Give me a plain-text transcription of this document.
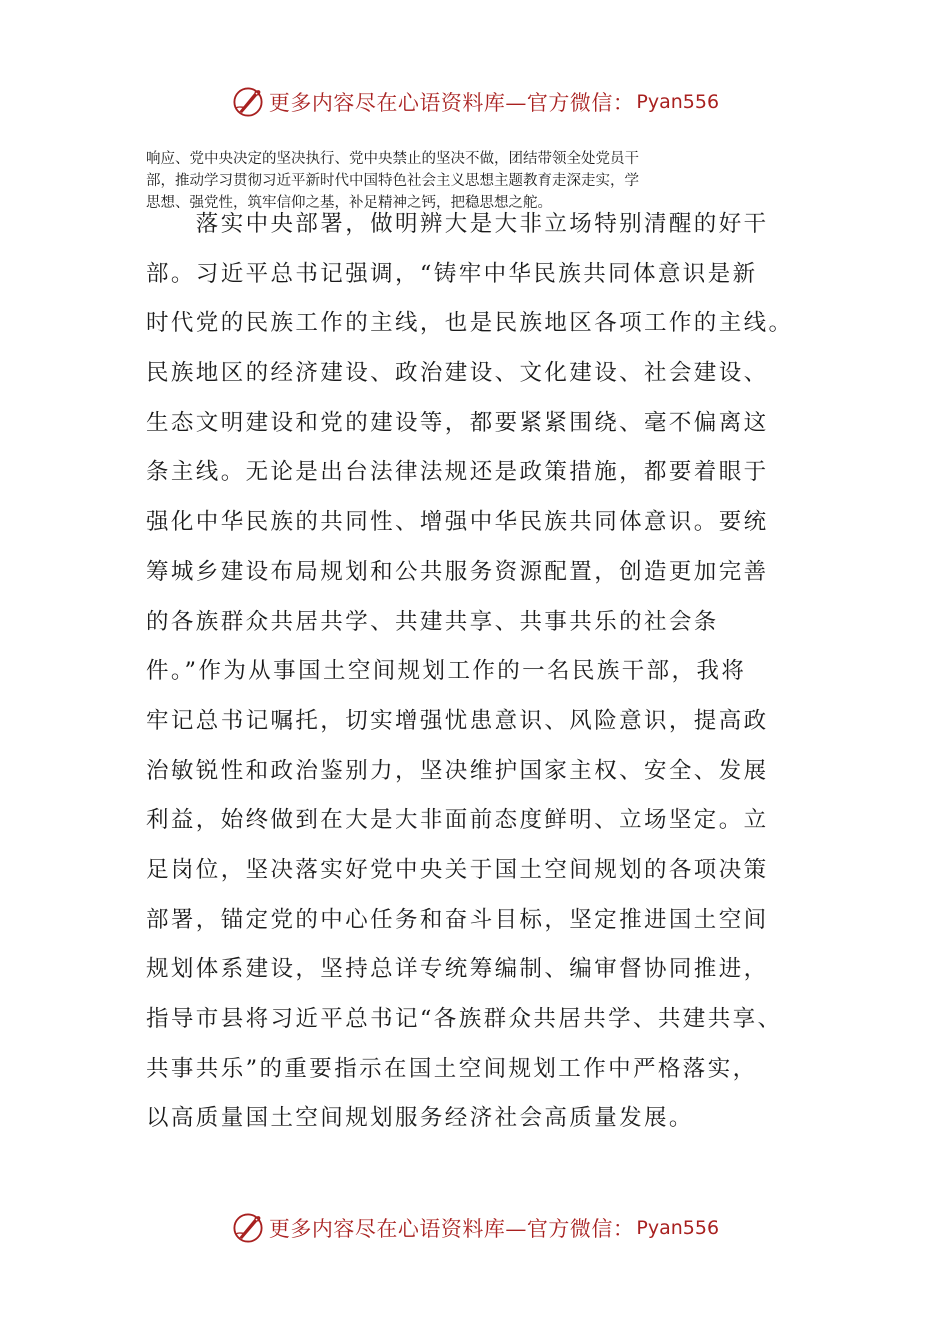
更多内容尽在心语资料库—官方微信： Pyan556
响应、党中央决定的坚决执行、党中央禁止的坚决不做，团结带领全处党员干
部，推动学习贯彻习近平新时代中国特色社会主义思想主题教育走深走实，学
思想、强党性，筑牢信仰之基，补足精神之钙，把稳思想之舵。
　　落实中央部署，做明辨大是大非立场特别清醒的好干
部。习近平总书记强调，“铸牢中华民族共同体意识是新
时代党的民族工作的主线，也是民族地区各项工作的主线。
民族地区的经济建设、政治建设、文化建设、社会建设、
生态文明建设和党的建设等，都要紧紧围绕、毫不偏离这
条主线。无论是出台法律法规还是政策措施，都要着眼于
强化中华民族的共同性、增强中华民族共同体意识。要统
筹城乡建设布局规划和公共服务资源配置，创造更加完善
的各族群众共居共学、共建共享、共事共乐的社会条
件。”作为从事国土空间规划工作的一名民族干部，我将
牢记总书记嘱托，切实增强忧患意识、风险意识，提高政
治敏锐性和政治鉴别力，坚决维护国家主权、安全、发展
利益，始终做到在大是大非面前态度鲜明、立场坚定。立
足岗位，坚决落实好党中央关于国土空间规划的各项决策
部署，锚定党的中心任务和奋斗目标，坚定推进国土空间
规划体系建设，坚持总详专统筹编制、编审督协同推进，
指导市县将习近平总书记“各族群众共居共学、共建共享、
共事共乐”的重要指示在国土空间规划工作中严格落实，
以高质量国土空间规划服务经济社会高质量发展。
更多内容尽在心语资料库—官方微信： Pyan556
